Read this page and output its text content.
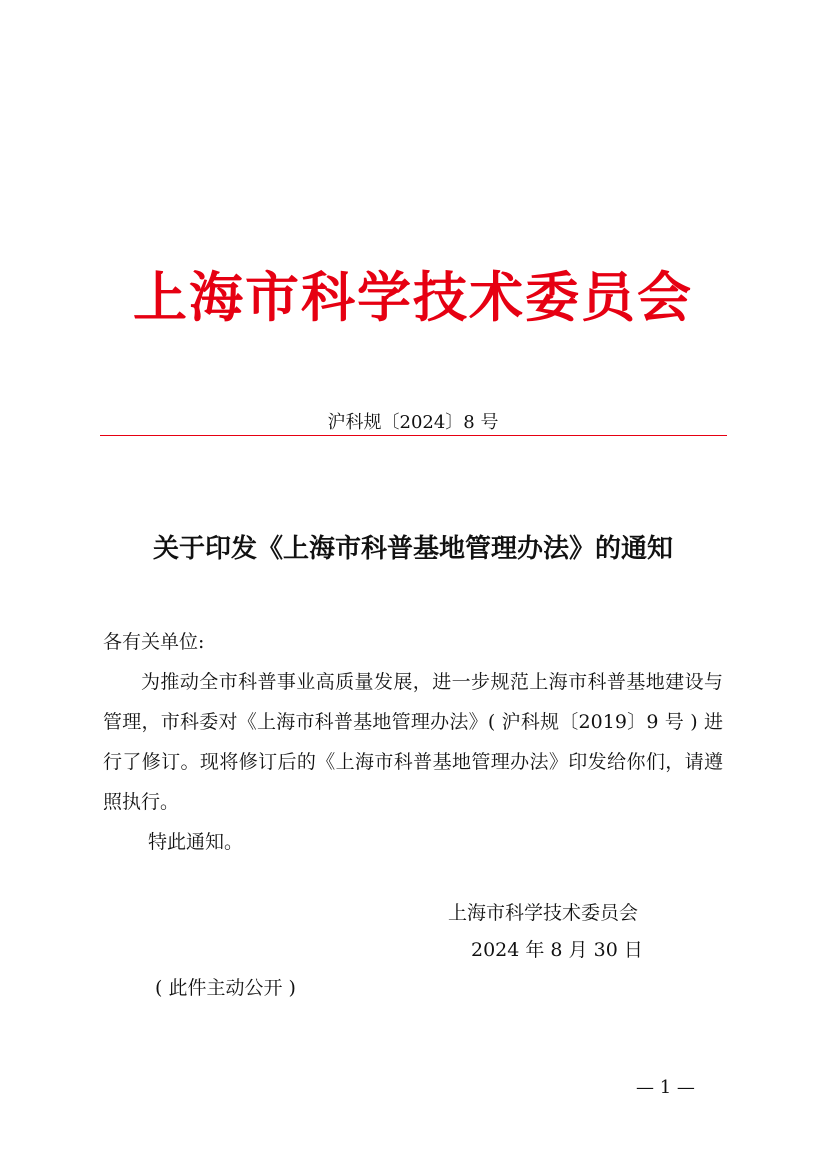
上海市科学技术委员会
沪科规〔2024〕8 号
关于印发《上海市科普基地管理办法》的通知
各有关单位:
为推动全市科普事业高质量发展，进一步规范上海市科普基地建设与管理，市科委对《上海市科普基地管理办法》( 沪科规〔2019〕9 号 ) 进行了修订。现将修订后的《上海市科普基地管理办法》印发给你们，请遵照执行。
特此通知。
上海市科学技术委员会
2024 年 8 月 30 日
( 此件主动公开 )
— 1 —
